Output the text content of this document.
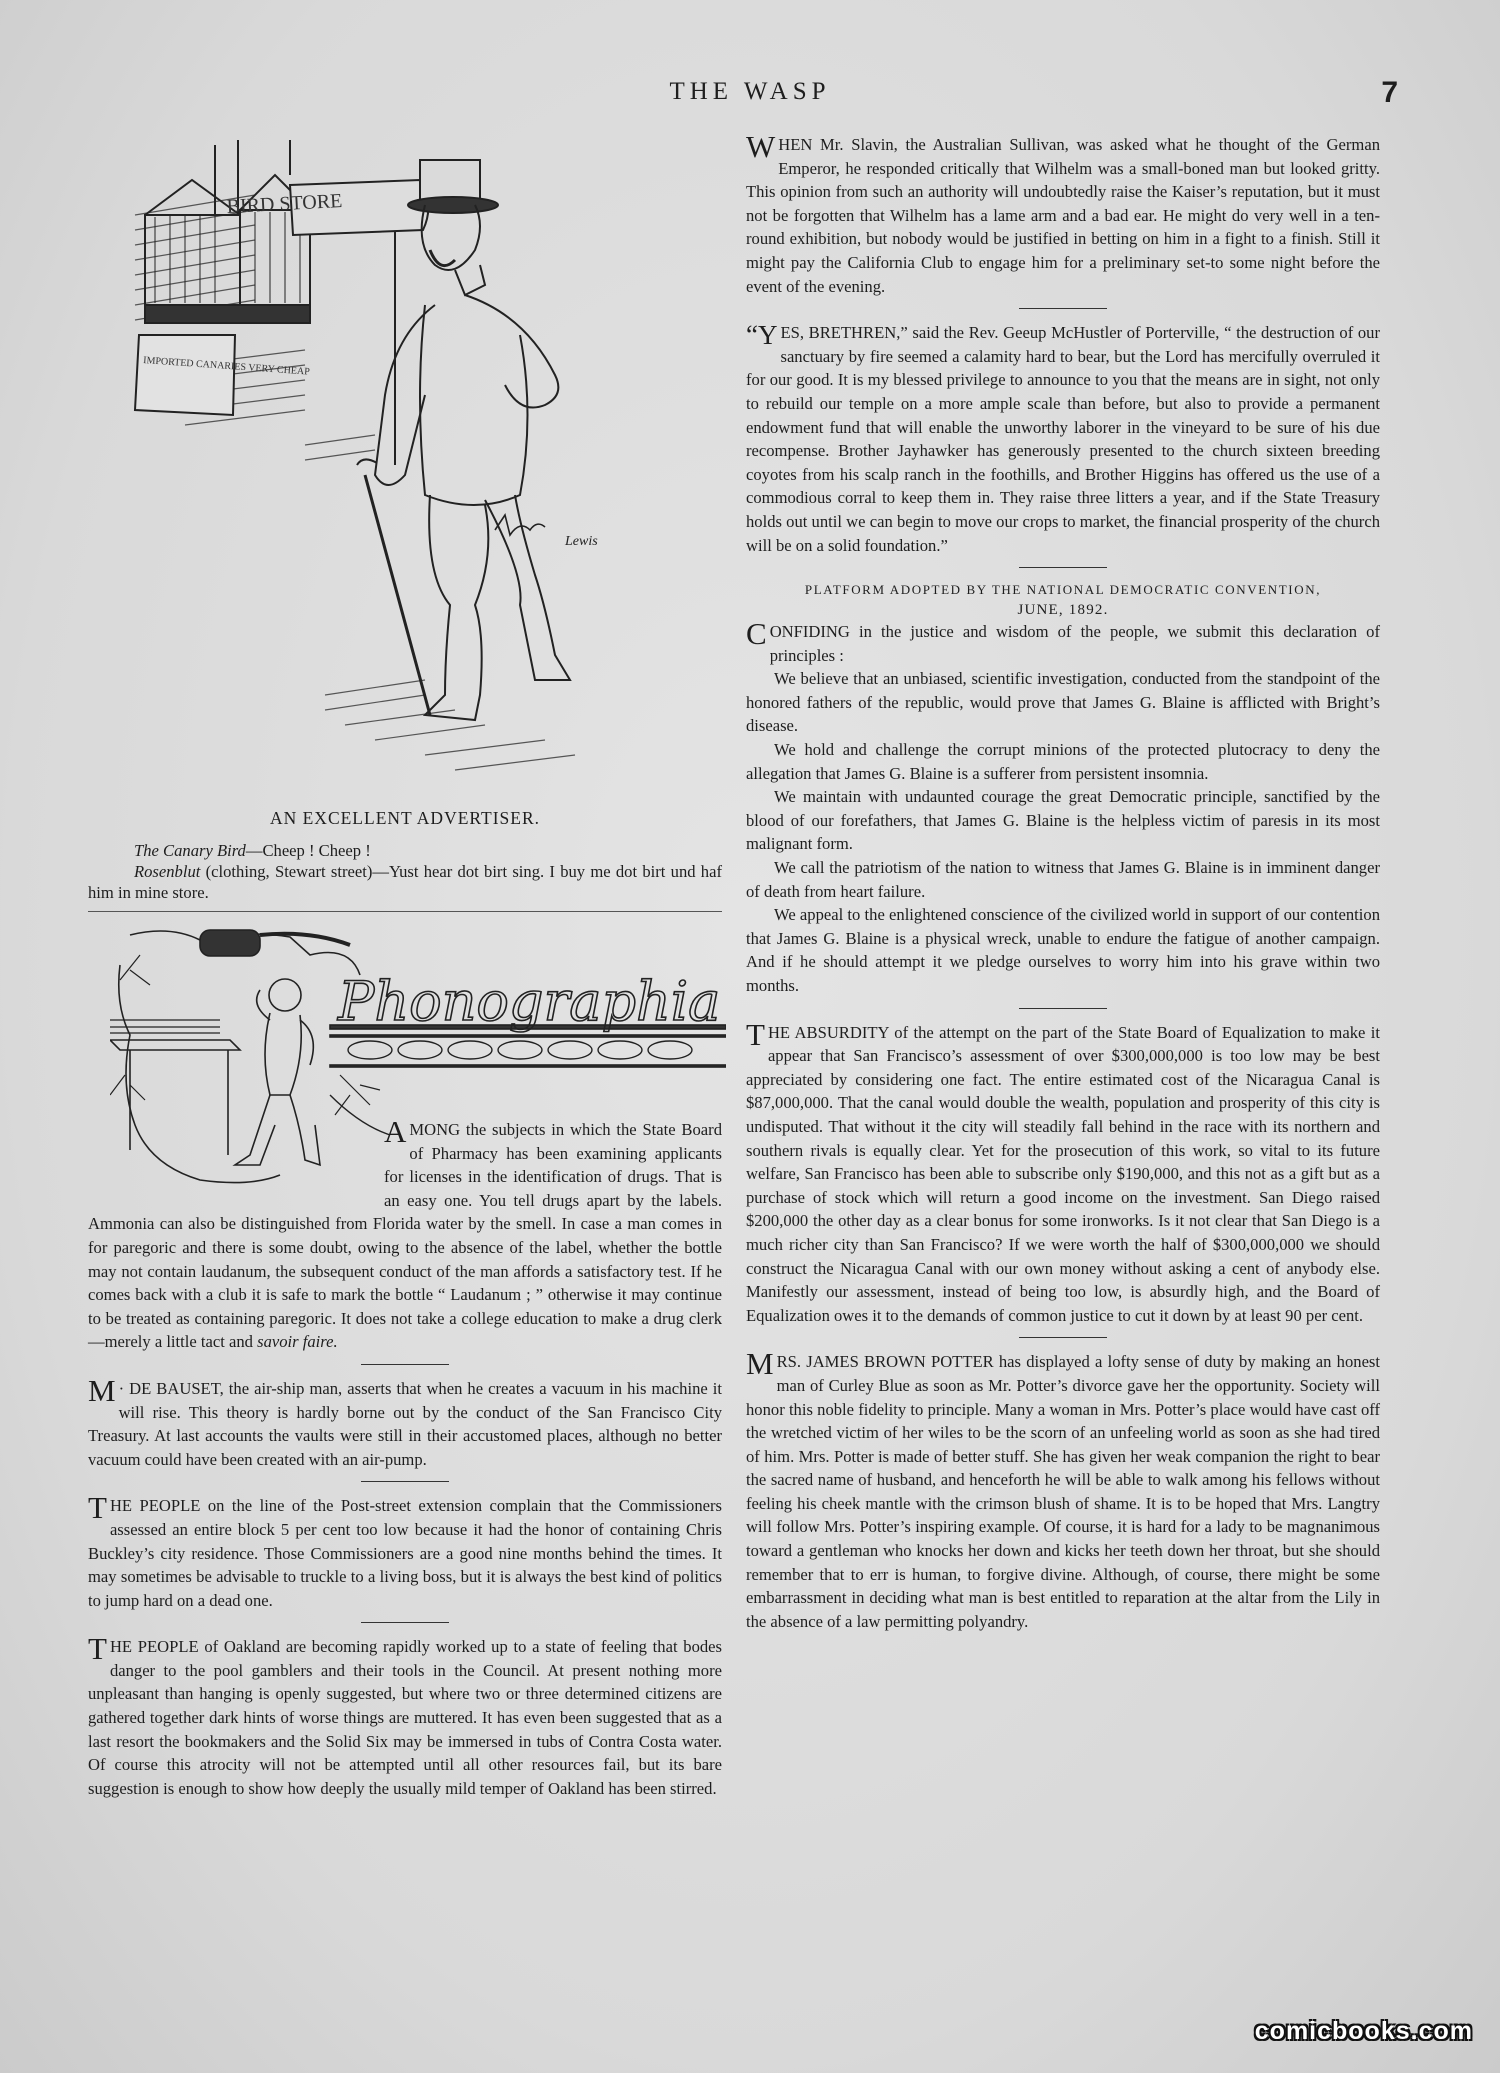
THE WASP	7
BIRD STORE
IMPORTED CANARIES VERY CHEAP
Lewis
AN EXCELLENT ADVERTISER.
The Canary Bird—Cheep ! Cheep !
Rosenblut (clothing, Stewart street)—Yust hear dot birt sing. I buy me dot birt und haf him in mine store.
Phonographia

AMONG the subjects in which the State Board of Pharmacy has been examining applicants for licenses in the identification of drugs. That is an easy one. You tell drugs apart by the labels. Ammonia can also be distinguished from Florida water by the smell. In case a man comes in for paregoric and there is some doubt, owing to the absence of the label, whether the bottle may not contain laudanum, the subsequent conduct of the man affords a satisfactory test. If he comes back with a club it is safe to mark the bottle “ Laudanum ; ” otherwise it may continue to be treated as containing paregoric. It does not take a college education to make a drug clerk—merely a little tact and savoir faire.

M · DE BAUSET, the air-ship man, asserts that when he creates a vacuum in his machine it will rise. This theory is hardly borne out by the conduct of the San Francisco City Treasury. At last accounts the vaults were still in their accustomed places, although no better vacuum could have been created with an air-pump.

THE PEOPLE on the line of the Post-street extension complain that the Commissioners assessed an entire block 5 per cent too low because it had the honor of containing Chris Buckley’s city residence. Those Commissioners are a good nine months behind the times. It may sometimes be advisable to truckle to a living boss, but it is always the best kind of politics to jump hard on a dead one.

THE PEOPLE of Oakland are becoming rapidly worked up to a state of feeling that bodes danger to the pool gamblers and their tools in the Council. At present nothing more unpleasant than hanging is openly suggested, but where two or three determined citizens are gathered together dark hints of worse things are muttered. It has even been suggested that as a last resort the bookmakers and the Solid Six may be immersed in tubs of Contra Costa water. Of course this atrocity will not be attempted until all other resources fail, but its bare suggestion is enough to show how deeply the usually mild temper of Oakland has been stirred.

WHEN Mr. Slavin, the Australian Sullivan, was asked what he thought of the German Emperor, he responded critically that Wilhelm was a small-boned man but looked gritty. This opinion from such an authority will undoubtedly raise the Kaiser’s reputation, but it must not be forgotten that Wilhelm has a lame arm and a bad ear. He might do very well in a ten-round exhibition, but nobody would be justified in betting on him in a fight to a finish. Still it might pay the California Club to engage him for a preliminary set-to some night before the event of the evening.

“YES, BRETHREN,” said the Rev. Geeup McHustler of Porterville, “ the destruction of our sanctuary by fire seemed a calamity hard to bear, but the Lord has mercifully overruled it for our good. It is my blessed privilege to announce to you that the means are in sight, not only to rebuild our temple on a more ample scale than before, but also to provide a permanent endowment fund that will enable the unworthy laborer in the vineyard to be sure of his due recompense. Brother Jayhawker has generously presented to the church sixteen breeding coyotes from his scalp ranch in the foothills, and Brother Higgins has offered us the use of a commodious corral to keep them in. They raise three litters a year, and if the State Treasury holds out until we can begin to move our crops to market, the financial prosperity of the church will be on a solid foundation.”

PLATFORM ADOPTED BY THE NATIONAL DEMOCRATIC CONVENTION,
JUNE, 1892.

CONFIDING in the justice and wisdom of the people, we submit this declaration of principles :

We believe that an unbiased, scientific investigation, conducted from the standpoint of the honored fathers of the republic, would prove that James G. Blaine is afflicted with Bright’s disease.

We hold and challenge the corrupt minions of the protected plutocracy to deny the allegation that James G. Blaine is a sufferer from persistent insomnia.

We maintain with undaunted courage the great Democratic principle, sanctified by the blood of our forefathers, that James G. Blaine is the helpless victim of paresis in its most malignant form.

We call the patriotism of the nation to witness that James G. Blaine is in imminent danger of death from heart failure.

We appeal to the enlightened conscience of the civilized world in support of our contention that James G. Blaine is a physical wreck, unable to endure the fatigue of another campaign. And if he should attempt it we pledge ourselves to worry him into his grave within two months.

THE ABSURDITY of the attempt on the part of the State Board of Equalization to make it appear that San Francisco’s assessment of over $300,000,000 is too low may be best appreciated by considering one fact. The entire estimated cost of the Nicaragua Canal is $87,000,000. That the canal would double the wealth, population and prosperity of this city is undisputed. That without it the city will steadily fall behind in the race with its northern and southern rivals is equally clear. Yet for the prosecution of this work, so vital to its future welfare, San Francisco has been able to subscribe only $190,000, and this not as a gift but as a purchase of stock which will return a good income on the investment. San Diego raised $200,000 the other day as a clear bonus for some ironworks. Is it not clear that San Diego is a much richer city than San Francisco? If we were worth the half of $300,000,000 we should construct the Nicaragua Canal with our own money without asking a cent of anybody else. Manifestly our assessment, instead of being too low, is absurdly high, and the Board of Equalization owes it to the demands of common justice to cut it down by at least 90 per cent.

MRS. JAMES BROWN POTTER has displayed a lofty sense of duty by making an honest man of Curley Blue as soon as Mr. Potter’s divorce gave her the opportunity. Society will honor this noble fidelity to principle. Many a woman in Mrs. Potter’s place would have cast off the wretched victim of her wiles to be the scorn of an unfeeling world as soon as she had tired of him. Mrs. Potter is made of better stuff. She has given her weak companion the right to bear the sacred name of husband, and henceforth he will be able to walk among his fellows without feeling his cheek mantle with the crimson blush of shame. It is to be hoped that Mrs. Langtry will follow Mrs. Potter’s inspiring example. Of course, it is hard for a lady to be magnanimous toward a gentleman who knocks her down and kicks her teeth down her throat, but she should remember that to err is human, to forgive divine. Although, of course, there might be some embarrassment in deciding what man is best entitled to reparation at the altar from the Lily in the absence of a law permitting polyandry.

comicbooks.com
